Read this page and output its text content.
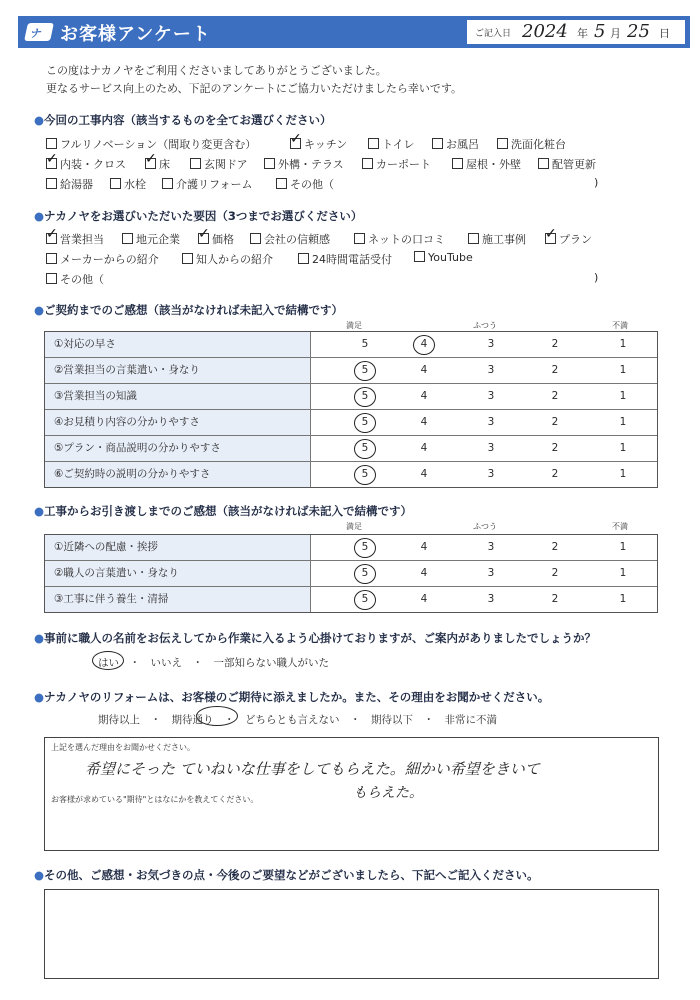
ナ お客様アンケート	ご記入日 2024 年 5 月 25 日
この度はナカノヤをご利用くださいましてありがとうございました。
更なるサービス向上のため、下記のアンケートにご協力いただけましたら幸いです。
●今回の工事内容（該当するものを全てお選びください）
フルリノベーション（間取り変更含む） ✓	キッチン	トイレ	お風呂	洗面化粧台
✓内装・クロス ✓	床	玄関ドア	外構・テラス	カーポート	屋根・外壁	配管更新
給湯器	水栓	介護リフォーム	その他（	)
●ナカノヤをお選びいただいた要因（3つまでお選びください）
✓営業担当	地元企業 ✓	価格	会社の信頼感	ネットの口コミ	施工事例 ✓	プラン
メーカーからの紹介	知人からの紹介	24時間電話受付	YouTube
その他（	)
●ご契約までのご感想（該当がなければ未記入で結構です）
満足	ふつう	不満
①対応の早さ	5	4	3	2	1
②営業担当の言葉遣い・身なり	5	4	3	2	1
③営業担当の知識	5	4	3	2	1
④お見積り内容の分かりやすさ	5	4	3	2	1
⑤プラン・商品説明の分かりやすさ	5	4	3	2	1
⑥ご契約時の説明の分かりやすさ	5	4	3	2	1
●工事からお引き渡しまでのご感想（該当がなければ未記入で結構です）
満足	ふつう	不満
①近隣への配慮・挨拶	5	4	3	2	1
②職人の言葉遣い・身なり	5	4	3	2	1
③工事に伴う養生・清掃	5	4	3	2	1
●事前に職人の名前をお伝えしてから作業に入るよう心掛けておりますが、ご案内がありましたでしょうか？
はい　・　いいえ　・　一部知らない職人がいた
●ナカノヤのリフォームは、お客様のご期待に添えましたか。また、その理由をお聞かせください。
期待以上　・　期待通り　・　どちらとも言えない　・　期待以下　・　非常に不満
上記を選んだ理由をお聞かせください。
お客様が求めている"期待"とはなにかを教えてください。
希望にそった ていねいな仕事をしてもらえた。細かい希望をきいて
もらえた。
●その他、ご感想・お気づきの点・今後のご要望などがございましたら、下記へご記入ください。
